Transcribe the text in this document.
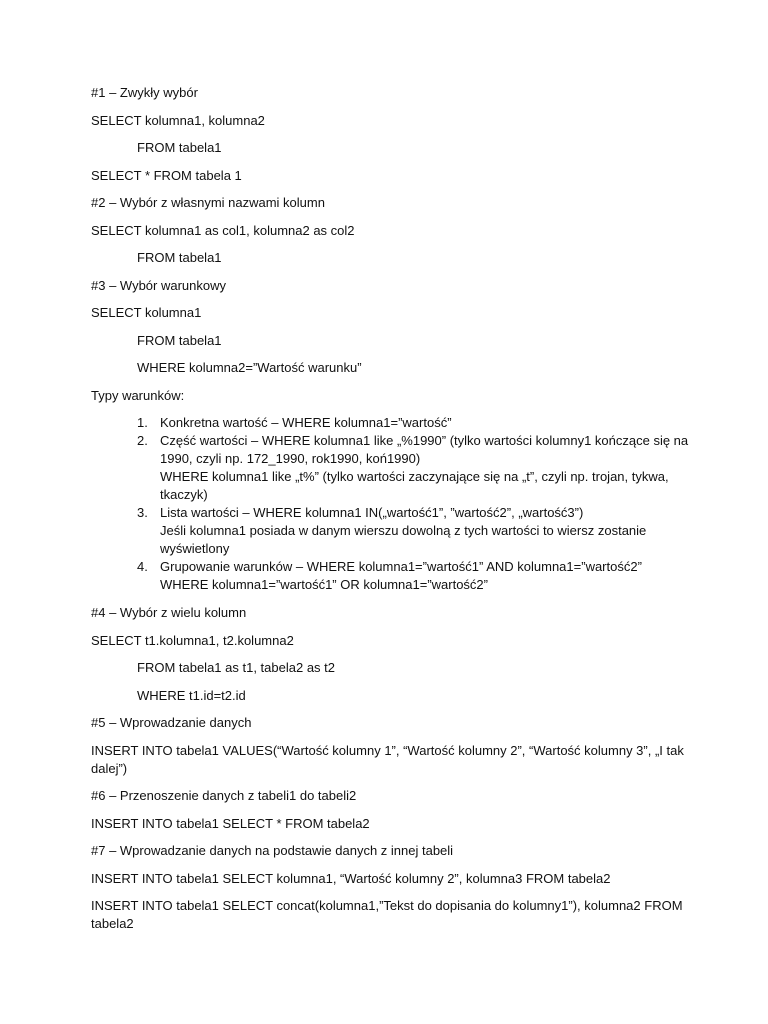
#1 – Zwykły wybór

SELECT kolumna1, kolumna2

FROM tabela1

SELECT * FROM tabela 1

#2 – Wybór z własnymi nazwami kolumn

SELECT kolumna1 as col1, kolumna2 as col2

FROM tabela1

#3 – Wybór warunkowy

SELECT kolumna1

FROM tabela1

WHERE kolumna2=”Wartość warunku”

Typy warunków:

1. Konkretna wartość – WHERE kolumna1=”wartość”
2. Część wartości – WHERE kolumna1 like „%1990” (tylko wartości kolumny1 kończące się na 1990, czyli np. 172_1990, rok1990, koń1990)
WHERE kolumna1 like „t%” (tylko wartości zaczynające się na „t”, czyli np. trojan, tykwa, tkaczyk)
3. Lista wartości – WHERE kolumna1 IN(„wartość1”, ”wartość2”, „wartość3”)
Jeśli kolumna1 posiada w danym wierszu dowolną z tych wartości to wiersz zostanie wyświetlony
4. Grupowanie warunków – WHERE kolumna1=”wartość1” AND kolumna1=”wartość2”
WHERE kolumna1=”wartość1” OR kolumna1=”wartość2”

#4 – Wybór z wielu kolumn

SELECT t1.kolumna1, t2.kolumna2

FROM tabela1 as t1, tabela2 as t2

WHERE t1.id=t2.id

#5 – Wprowadzanie danych

INSERT INTO tabela1 VALUES(“Wartość kolumny 1”, “Wartość kolumny 2”, “Wartość kolumny 3”, „I tak dalej”)

#6 – Przenoszenie danych z tabeli1 do tabeli2

INSERT INTO tabela1 SELECT * FROM tabela2

#7 – Wprowadzanie danych na podstawie danych z innej tabeli

INSERT INTO tabela1 SELECT kolumna1, “Wartość kolumny 2”, kolumna3 FROM tabela2

INSERT INTO tabela1 SELECT concat(kolumna1,”Tekst do dopisania do kolumny1”), kolumna2 FROM tabela2
